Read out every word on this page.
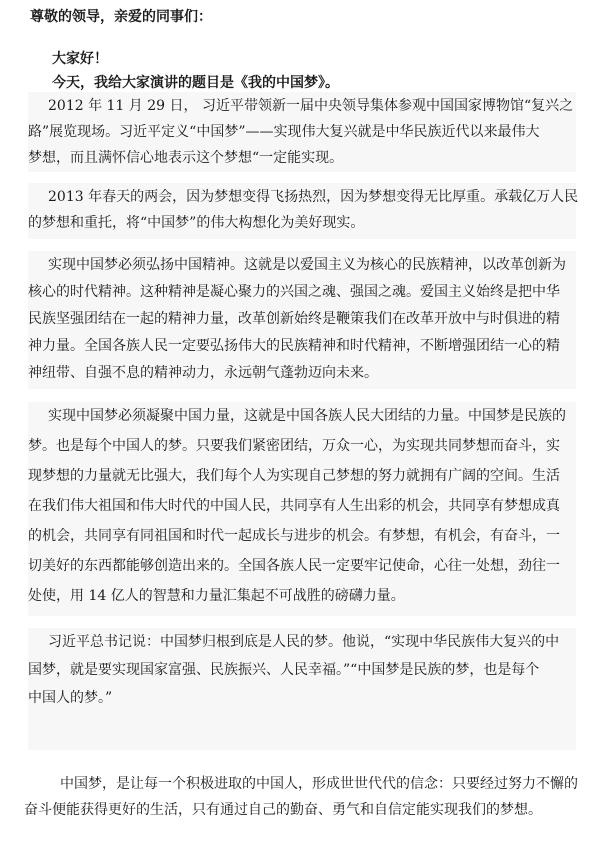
尊敬的领导，亲爱的同事们：
大家好！
今天，我给大家演讲的题目是《我的中国梦》。
2012 年 11 月 29 日， 习近平带领新一届中央领导集体参观中国国家博物馆“复兴之
路”展览现场。习近平定义“中国梦”——实现伟大复兴就是中华民族近代以来最伟大
梦想，而且满怀信心地表示这个梦想“一定能实现。
2013 年春天的两会，因为梦想变得飞扬热烈，因为梦想变得无比厚重。承载亿万人民
的梦想和重托，将“中国梦”的伟大构想化为美好现实。
实现中国梦必须弘扬中国精神。这就是以爱国主义为核心的民族精神，以改革创新为
核心的时代精神。这种精神是凝心聚力的兴国之魂、强国之魂。爱国主义始终是把中华
民族坚强团结在一起的精神力量，改革创新始终是鞭策我们在改革开放中与时俱进的精
神力量。全国各族人民一定要弘扬伟大的民族精神和时代精神，不断增强团结一心的精
神纽带、自强不息的精神动力，永远朝气蓬勃迈向未来。
实现中国梦必须凝聚中国力量，这就是中国各族人民大团结的力量。中国梦是民族的
梦。也是每个中国人的梦。只要我们紧密团结，万众一心，为实现共同梦想而奋斗，实
现梦想的力量就无比强大，我们每个人为实现自己梦想的努力就拥有广阔的空间。生活
在我们伟大祖国和伟大时代的中国人民，共同享有人生出彩的机会，共同享有梦想成真
的机会，共同享有同祖国和时代一起成长与进步的机会。有梦想，有机会，有奋斗，一
切美好的东西都能够创造出来的。全国各族人民一定要牢记使命，心往一处想，劲往一
处使，用 14 亿人的智慧和力量汇集起不可战胜的磅礴力量。
习近平总书记说：中国梦归根到底是人民的梦。他说，“实现中华民族伟大复兴的中
国梦，就是要实现国家富强、民族振兴、人民幸福。”“中国梦是民族的梦，也是每个
中国人的梦。”
中国梦，是让每一个积极进取的中国人，形成世世代代的信念：只要经过努力不懈的
奋斗便能获得更好的生活，只有通过自己的勤奋、勇气和自信定能实现我们的梦想。
